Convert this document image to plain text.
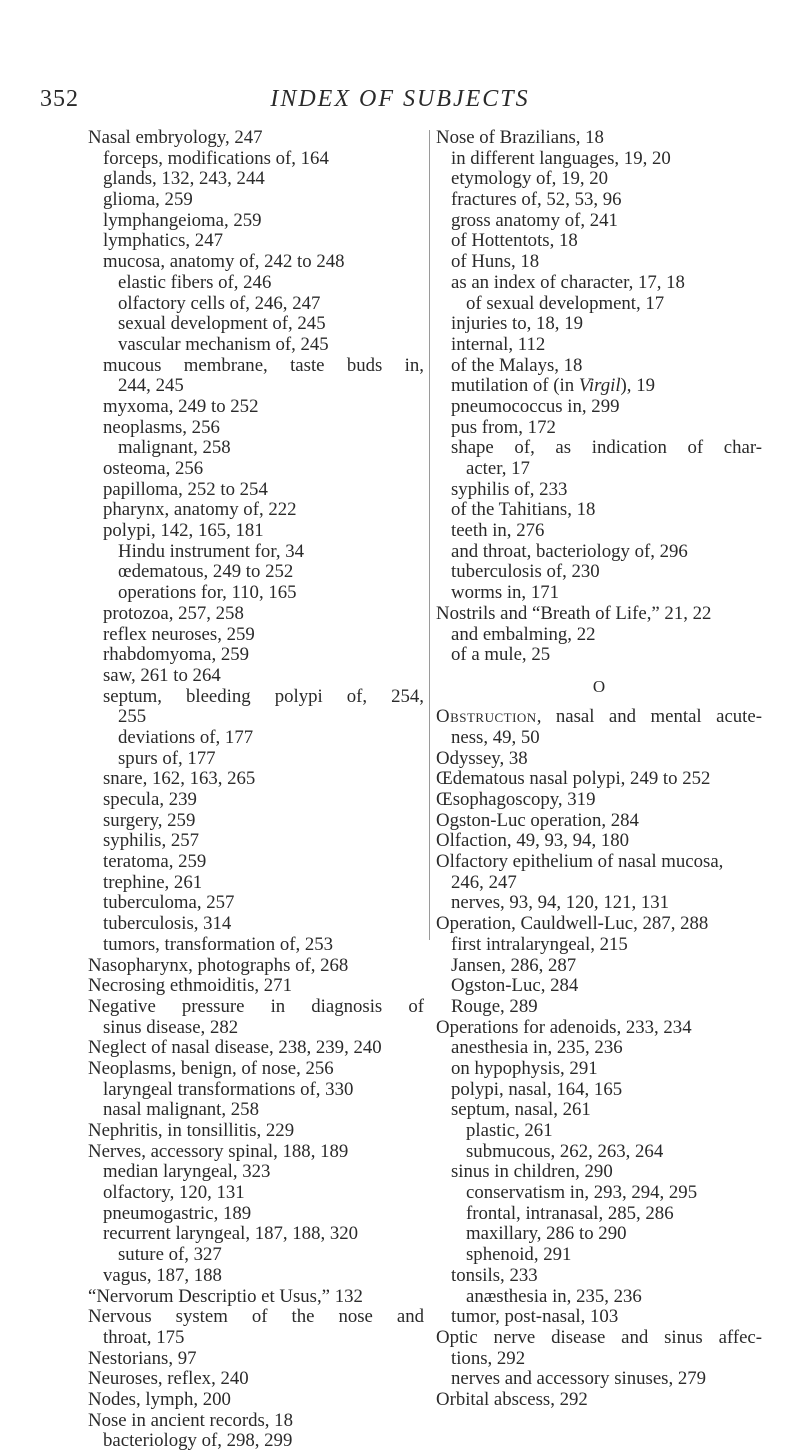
352	INDEX OF SUBJECTS
Nasal embryology, 247
forceps, modifications of, 164
glands, 132, 243, 244
glioma, 259
lymphangeioma, 259
lymphatics, 247
mucosa, anatomy of, 242 to 248
elastic fibers of, 246
olfactory cells of, 246, 247
sexual development of, 245
vascular mechanism of, 245
mucous membrane, taste buds in,
244, 245
myxoma, 249 to 252
neoplasms, 256
malignant, 258
osteoma, 256
papilloma, 252 to 254
pharynx, anatomy of, 222
polypi, 142, 165, 181
Hindu instrument for, 34
œdematous, 249 to 252
operations for, 110, 165
protozoa, 257, 258
reflex neuroses, 259
rhabdomyoma, 259
saw, 261 to 264
septum, bleeding polypi of, 254,
255
deviations of, 177
spurs of, 177
snare, 162, 163, 265
specula, 239
surgery, 259
syphilis, 257
teratoma, 259
trephine, 261
tuberculoma, 257
tuberculosis, 314
tumors, transformation of, 253
Nasopharynx, photographs of, 268
Necrosing ethmoiditis, 271
Negative pressure in diagnosis of
sinus disease, 282
Neglect of nasal disease, 238, 239, 240
Neoplasms, benign, of nose, 256
laryngeal transformations of, 330
nasal malignant, 258
Nephritis, in tonsillitis, 229
Nerves, accessory spinal, 188, 189
median laryngeal, 323
olfactory, 120, 131
pneumogastric, 189
recurrent laryngeal, 187, 188, 320
suture of, 327
vagus, 187, 188
“Nervorum Descriptio et Usus,” 132
Nervous system of the nose and
throat, 175
Nestorians, 97
Neuroses, reflex, 240
Nodes, lymph, 200
Nose in ancient records, 18
bacteriology of, 298, 299
Nose of Brazilians, 18
in different languages, 19, 20
etymology of, 19, 20
fractures of, 52, 53, 96
gross anatomy of, 241
of Hottentots, 18
of Huns, 18
as an index of character, 17, 18
of sexual development, 17
injuries to, 18, 19
internal, 112
of the Malays, 18
mutilation of (in Virgil), 19
pneumococcus in, 299
pus from, 172
shape of, as indication of char-
acter, 17
syphilis of, 233
of the Tahitians, 18
teeth in, 276
and throat, bacteriology of, 296
tuberculosis of, 230
worms in, 171
Nostrils and “Breath of Life,” 21, 22
and embalming, 22
of a mule, 25
O
Obstruction, nasal and mental acute-
ness, 49, 50
Odyssey, 38
Œdematous nasal polypi, 249 to 252
Œsophagoscopy, 319
Ogston-Luc operation, 284
Olfaction, 49, 93, 94, 180
Olfactory epithelium of nasal mucosa,
246, 247
nerves, 93, 94, 120, 121, 131
Operation, Cauldwell-Luc, 287, 288
first intralaryngeal, 215
Jansen, 286, 287
Ogston-Luc, 284
Rouge, 289
Operations for adenoids, 233, 234
anesthesia in, 235, 236
on hypophysis, 291
polypi, nasal, 164, 165
septum, nasal, 261
plastic, 261
submucous, 262, 263, 264
sinus in children, 290
conservatism in, 293, 294, 295
frontal, intranasal, 285, 286
maxillary, 286 to 290
sphenoid, 291
tonsils, 233
anæsthesia in, 235, 236
tumor, post-nasal, 103
Optic nerve disease and sinus affec-
tions, 292
nerves and accessory sinuses, 279
Orbital abscess, 292
